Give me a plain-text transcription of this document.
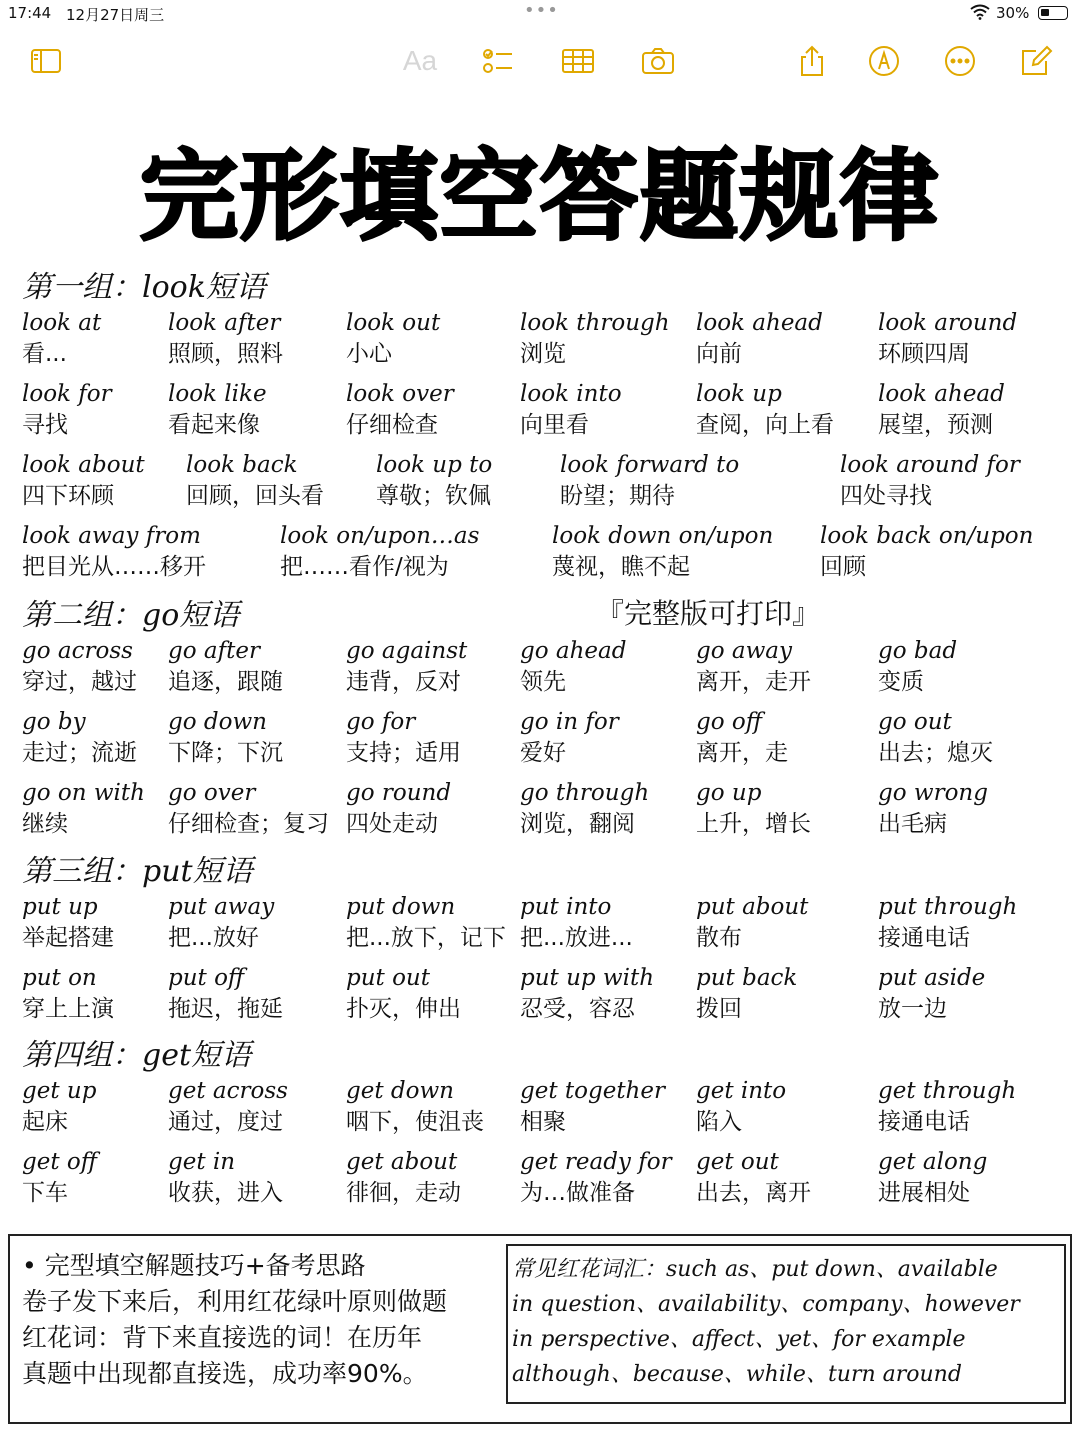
17:44 12月27日周三	•••	30%
Aa
完形填空答题规律
『完整版可打印』
第一组：look短语
look at
看...
look after
照顾，照料
look out
小心
look through
浏览
look ahead
向前
look around
环顾四周
look for
寻找
look like
看起来像
look over
仔细检查
look into
向里看
look up
查阅，向上看
look ahead
展望，预测
look about
四下环顾
look back
回顾，回头看
look up to
尊敬；钦佩
look forward to
盼望；期待
look around for
四处寻找
look away from
把目光从……移开
look on/upon…as
把……看作/视为
look down on/upon
蔑视，瞧不起
look back on/upon
回顾
第二组：go短语
go across
穿过，越过
go after
追逐，跟随
go against
违背，反对
go ahead
领先
go away
离开，走开
go bad
变质
go by
走过；流逝
go down
下降；下沉
go for
支持；适用
go in for
爱好
go off
离开，走
go out
出去；熄灭
go on with
继续
go over
仔细检查；复习
go round
四处走动
go through
浏览，翻阅
go up
上升，增长
go wrong
出毛病
第三组：put短语
put up
举起搭建
put away
把...放好
put down
把...放下，记下
put into
把...放进...
put about
散布
put through
接通电话
put on
穿上上演
put off
拖迟，拖延
put out
扑灭，伸出
put up with
忍受，容忍
put back
拨回
put aside
放一边
第四组：get短语
get up
起床
get across
通过，度过
get down
咽下，使沮丧
get together
相聚
get into
陷入
get through
接通电话
get off
下车
get in
收获，进入
get about
徘徊，走动
get ready for
为…做准备
get out
出去，离开
get along
进展相处

• 完型填空解题技巧+备考思路

卷子发下来后，利用红花绿叶原则做题

红花词：背下来直接选的词！在历年

真题中出现都直接选，成功率90%。

常见红花词汇：such as、put down、available

in question、availability、company、however

in perspective、affect、yet、for example

although、because、while、turn around
